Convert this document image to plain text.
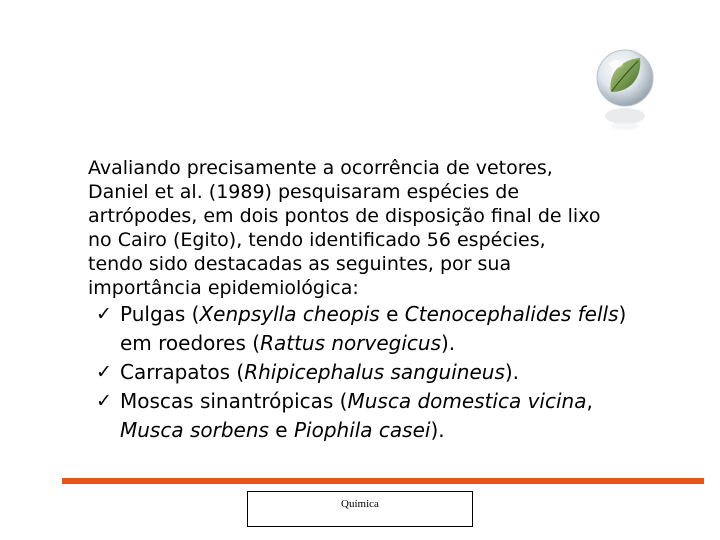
Avaliando precisamente a ocorrência de vetores,

Daniel et al. (1989) pesquisaram espécies de

artrópodes, em dois pontos de disposição final de lixo

no Cairo (Egito), tendo identificado 56 espécies,

tendo sido destacadas as seguintes, por sua

importância epidemiológica:

✓ Pulgas (Xenpsylla cheopis e Ctenocephalides fells)
em roedores (Rattus norvegicus).
✓ Carrapatos (Rhipicephalus sanguineus).
✓ Moscas sinantrópicas (Musca domestica vicina,
Musca sorbens e Piophila casei).
Química
